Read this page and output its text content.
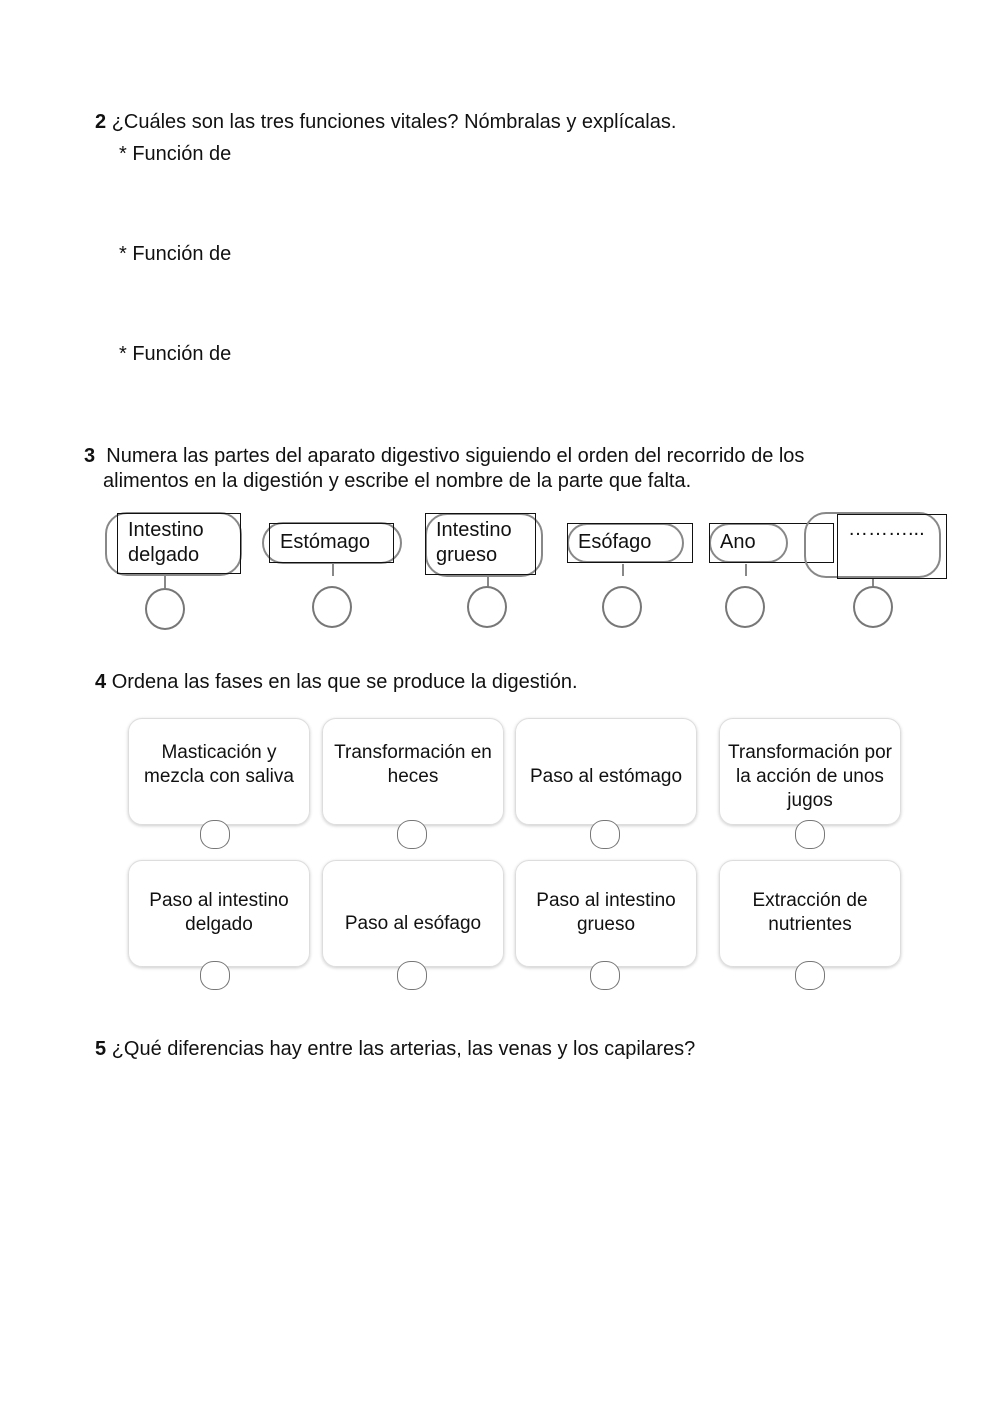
2 ¿Cuáles son las tres funciones vitales? Nómbralas y explícalas.
* Función de
* Función de
* Función de
3 Numera las partes del aparato digestivo siguiendo el orden del recorrido de los
alimentos en la digestión y escribe el nombre de la parte que falta.
Intestino
delgado
Estómago
Intestino
grueso
Esófago	Ano
………...
4 Ordena las fases en las que se produce la digestión.
Masticación y
mezcla con saliva
Transformación en
heces	Paso al estómago
Transformación por
la acción de unos
jugos
Paso al intestino
delgado	Paso al esófago
Paso al intestino
grueso
Extracción de
nutrientes
5 ¿Qué diferencias hay entre las arterias, las venas y los capilares?
